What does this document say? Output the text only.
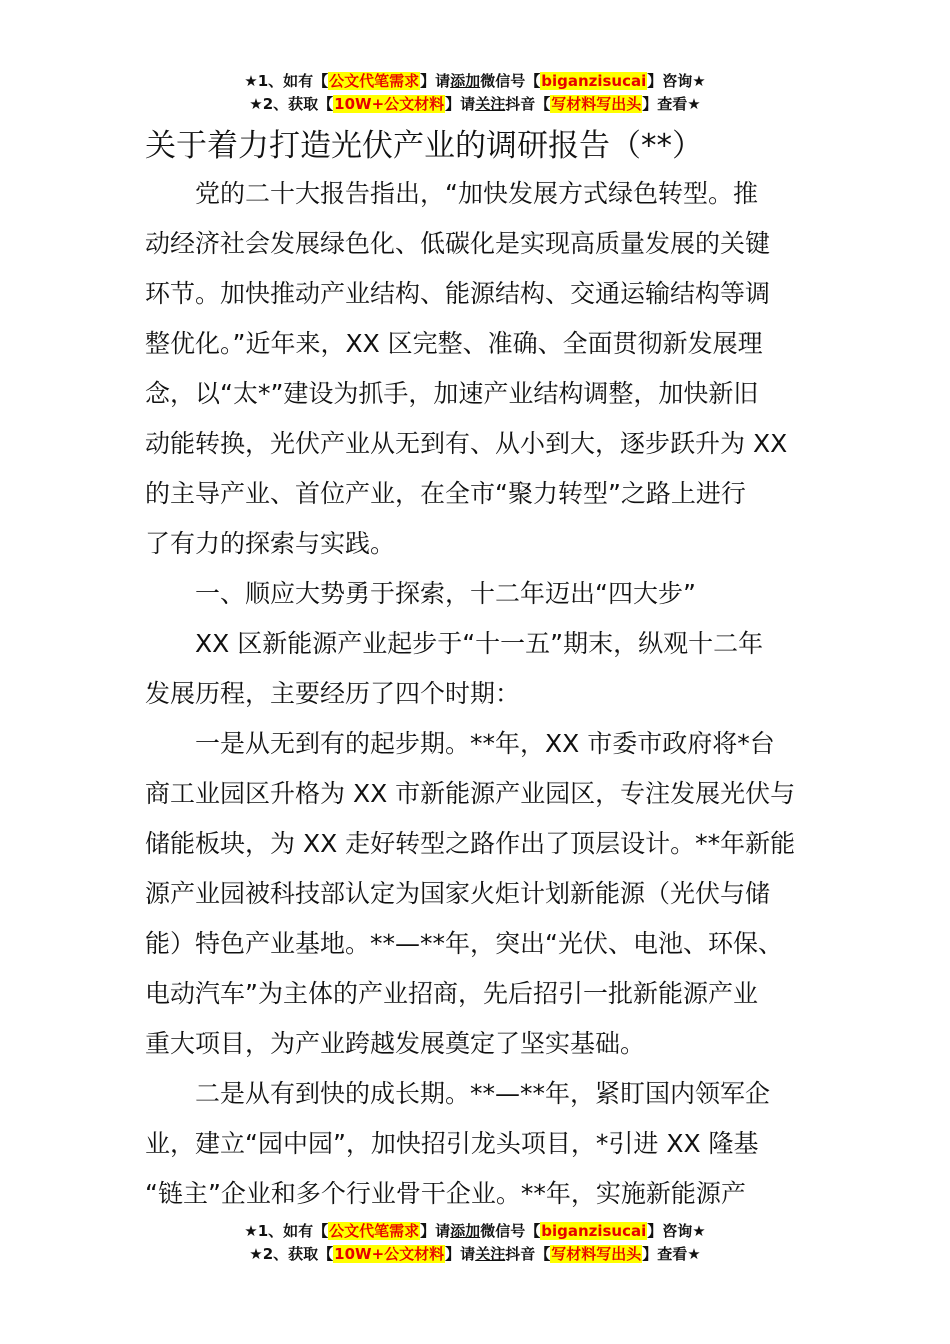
★1、如有【公文代笔需求】请添加微信号【biganzisucai】咨询★
★2、获取【10W+公文材料】请关注抖音【写材料写出头】查看★
关于着力打造光伏产业的调研报告（**）
党的二十大报告指出，“加快发展方式绿色转型。推
动经济社会发展绿色化、低碳化是实现高质量发展的关键
环节。加快推动产业结构、能源结构、交通运输结构等调
整优化。”近年来，XX 区完整、准确、全面贯彻新发展理
念，以“太*”建设为抓手，加速产业结构调整，加快新旧
动能转换，光伏产业从无到有、从小到大，逐步跃升为 XX
的主导产业、首位产业，在全市“聚力转型”之路上进行
了有力的探索与实践。
一、顺应大势勇于探索，十二年迈出“四大步”
XX 区新能源产业起步于“十一五”期末，纵观十二年
发展历程，主要经历了四个时期：
一是从无到有的起步期。**年，XX 市委市政府将*台
商工业园区升格为 XX 市新能源产业园区，专注发展光伏与
储能板块，为 XX 走好转型之路作出了顶层设计。**年新能
源产业园被科技部认定为国家火炬计划新能源（光伏与储
能）特色产业基地。**—**年，突出“光伏、电池、环保、
电动汽车”为主体的产业招商，先后招引一批新能源产业
重大项目，为产业跨越发展奠定了坚实基础。
二是从有到快的成长期。**—**年，紧盯国内领军企
业，建立“园中园”，加快招引龙头项目，*引进 XX 隆基
“链主”企业和多个行业骨干企业。**年，实施新能源产
★1、如有【公文代笔需求】请添加微信号【biganzisucai】咨询★
★2、获取【10W+公文材料】请关注抖音【写材料写出头】查看★
